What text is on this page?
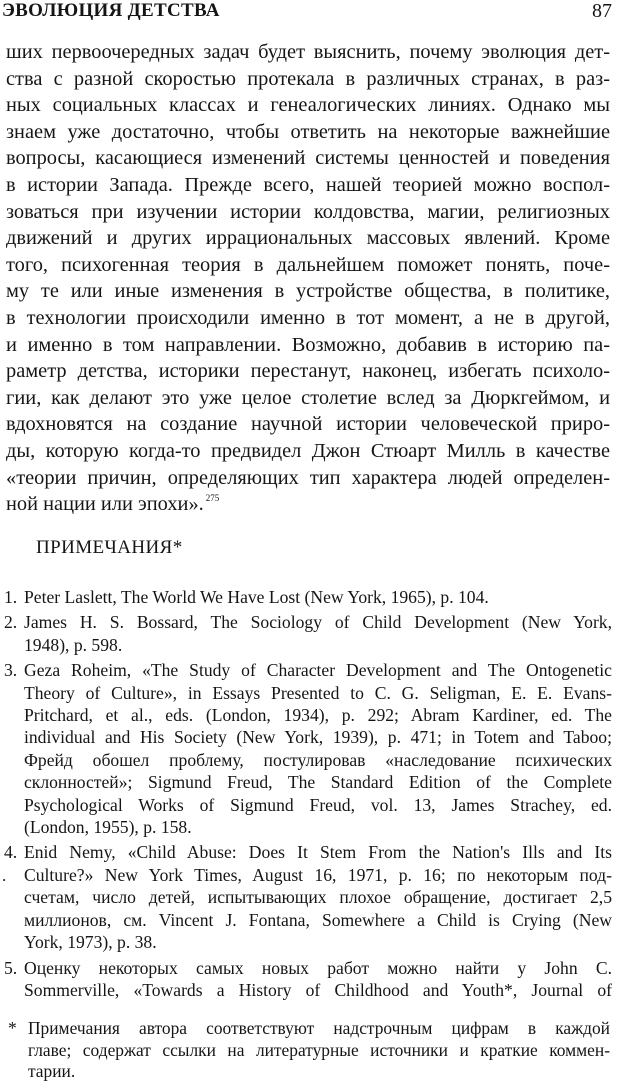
ЭВОЛЮЦИЯ ДЕТСТВА	87
ших первоочередных задач будет выяснить, почему эволюция дет-
ства с разной скоростью протекала в различных странах, в раз-
ных социальных классах и генеалогических линиях. Однако мы
знаем уже достаточно, чтобы ответить на некоторые важнейшие
вопросы, касающиеся изменений системы ценностей и поведения
в истории Запада. Прежде всего, нашей теорией можно воспол-
зоваться при изучении истории колдовства, магии, религиозных
движений и других иррациональных массовых явлений. Кроме
того, психогенная теория в дальнейшем поможет понять, поче-
му те или иные изменения в устройстве общества, в политике,
в технологии происходили именно в тот момент, а не в другой,
и именно в том направлении. Возможно, добавив в историю па-
раметр детства, историки перестанут, наконец, избегать психоло-
гии, как делают это уже целое столетие вслед за Дюркгеймом, и
вдохновятся на создание научной истории человеческой приро-
ды, которую когда-то предвидел Джон Стюарт Милль в качестве
«теории причин, определяющих тип характера людей определен-
ной нации или эпохи». $^{275}$
ПРИМЕЧАНИЯ*
1. Peter Laslett, The World We Have Lost (New York, 1965), p. 104.
2. James H. S. Bossard, The Sociology of Child Development (New York,
1948), p. 598.
3. Geza Roheim, «The Study of Character Development and The Ontogenetic
Theory of Culture», in Essays Presented to C. G. Seligman, E. E. Evans-
Pritchard, et al., eds. (London, 1934), p. 292; Abram Kardiner, ed. The
individual and His Society (New York, 1939), p. 471; in Totem and Taboo;
Фрейд обошел проблему, постулировав «наследование психических
склонностей»; Sigmund Freud, The Standard Edition of the Complete
Psychological Works of Sigmund Freud, vol. 13, James Strachey, ed.
(London, 1955), p. 158.
4. Enid Nemy, «Child Abuse: Does It Stem From the Nation's Ills and Its
Culture?» New York Times, August 16, 1971, p. 16; по некоторым под-
счетам, число детей, испытывающих плохое обращение, достигает 2,5
миллионов, см. Vincent J. Fontana, Somewhere a Child is Crying (New
York, 1973), p. 38.
5. Оценку некоторых самых новых работ можно найти у John C.
Sommerville, «Towards a History of Childhood and Youth*, Journal of
.
* Примечания автора соответствуют надстрочным цифрам в каждой
главе; содержат ссылки на литературные источники и краткие коммен-
тарии.
